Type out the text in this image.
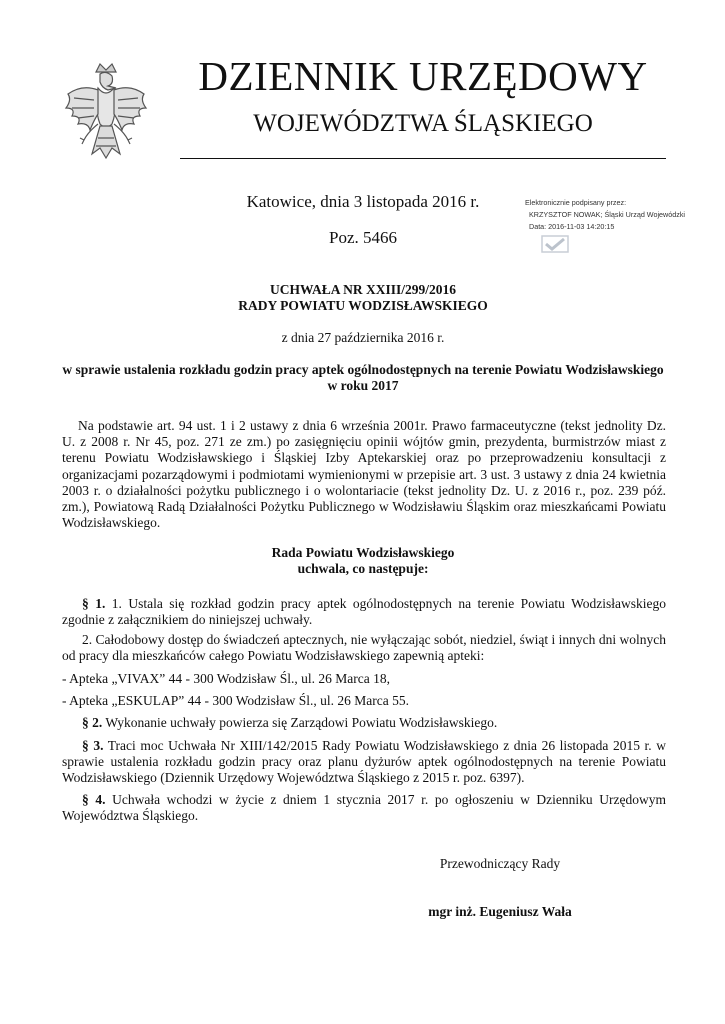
DZIENNIK URZĘDOWY
WOJEWÓDZTWA ŚLĄSKIEGO
Katowice, dnia 3 listopada 2016 r.
Poz. 5466
Elektronicznie podpisany przez:
KRZYSZTOF NOWAK; Śląski Urząd Wojewódzki
Data: 2016-11-03 14:20:15
UCHWAŁA NR XXIII/299/2016
RADY POWIATU WODZISŁAWSKIEGO
z dnia 27 października 2016 r.
w sprawie ustalenia rozkładu godzin pracy aptek ogólnodostępnych na terenie Powiatu Wodzisławskiego
w roku 2017
Na podstawie art. 94 ust. 1 i 2 ustawy z dnia 6 września 2001r. Prawo farmaceutyczne (tekst jednolity Dz. U. z 2008 r. Nr 45, poz. 271 ze zm.) po zasięgnięciu opinii wójtów gmin, prezydenta, burmistrzów miast z terenu Powiatu Wodzisławskiego i Śląskiej Izby Aptekarskiej oraz po przeprowadzeniu konsultacji z organizacjami pozarządowymi i podmiotami wymienionymi w przepisie art. 3 ust. 3 ustawy z dnia 24 kwietnia 2003 r. o działalności pożytku publicznego i o wolontariacie (tekst jednolity Dz. U. z 2016 r., poz. 239 póź. zm.), Powiatową Radą Działalności Pożytku Publicznego w Wodzisławiu Śląskim oraz mieszkańcami Powiatu Wodzisławskiego.
Rada Powiatu Wodzisławskiego
uchwala, co następuje:
§ 1. 1. Ustala się rozkład godzin pracy aptek ogólnodostępnych na terenie Powiatu Wodzisławskiego zgodnie z załącznikiem do niniejszej uchwały.
2. Całodobowy dostęp do świadczeń aptecznych, nie wyłączając sobót, niedziel, świąt i innych dni wolnych od pracy dla mieszkańców całego Powiatu Wodzisławskiego zapewnią apteki:
- Apteka „VIVAX” 44 - 300 Wodzisław Śl., ul. 26 Marca 18,
- Apteka „ESKULAP” 44 - 300 Wodzisław Śl., ul. 26 Marca 55.
§ 2. Wykonanie uchwały powierza się Zarządowi Powiatu Wodzisławskiego.
§ 3. Traci moc Uchwała Nr XIII/142/2015 Rady Powiatu Wodzisławskiego z dnia 26 listopada 2015 r. w sprawie ustalenia rozkładu godzin pracy oraz planu dyżurów aptek ogólnodostępnych na terenie Powiatu Wodzisławskiego (Dziennik Urzędowy Województwa Śląskiego z 2015 r. poz. 6397).
§ 4. Uchwała wchodzi w życie z dniem 1 stycznia 2017 r. po ogłoszeniu w Dzienniku Urzędowym Województwa Śląskiego.
Przewodniczący Rady
mgr inż. Eugeniusz Wała
